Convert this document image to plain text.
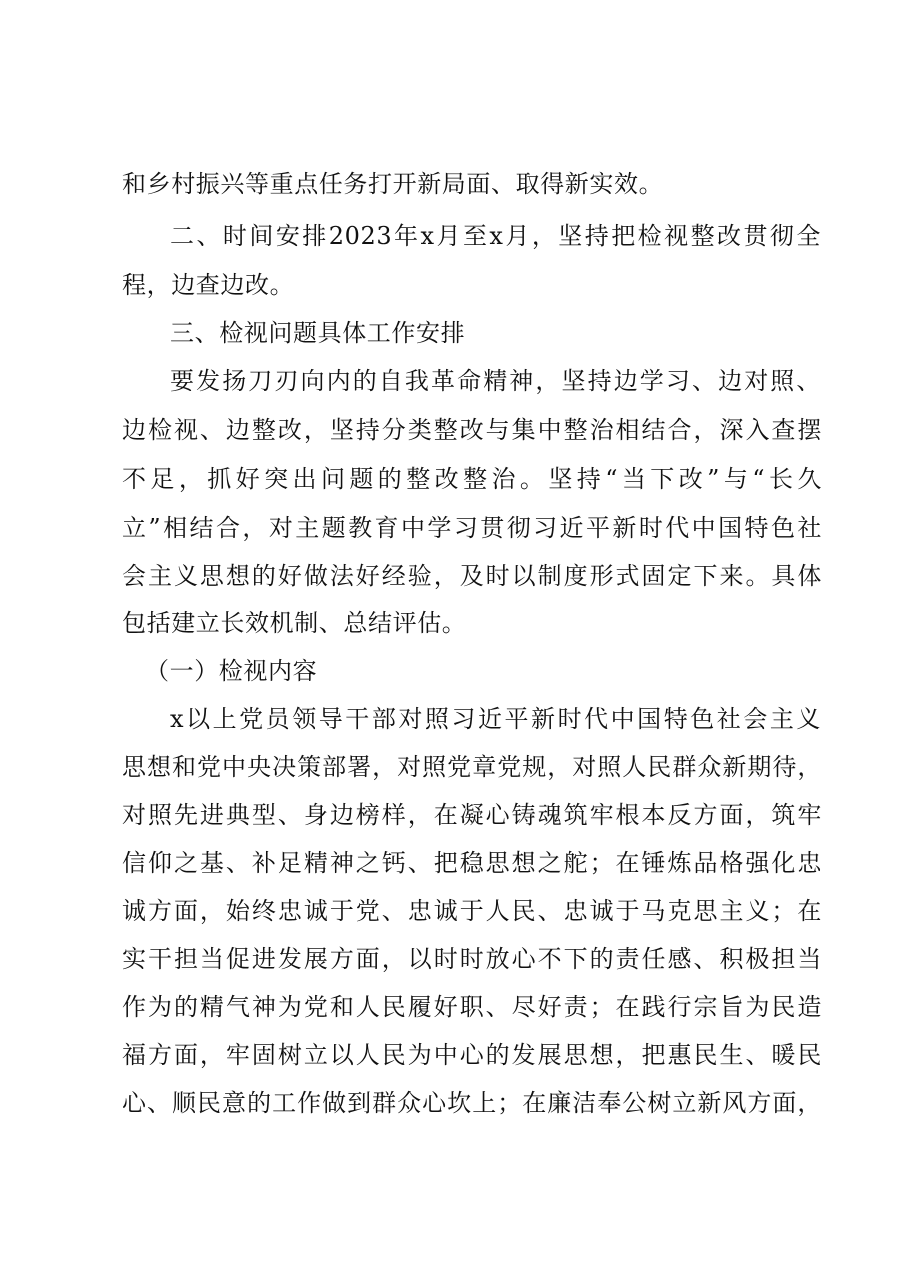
和乡村振兴等重点任务打开新局面、取得新实效。
二、时间安排2023年x月至x月，坚持把检视整改贯彻全
程，边查边改。
三、检视问题具体工作安排
要发扬刀刃向内的自我革命精神，坚持边学习、边对照、
边检视、边整改，坚持分类整改与集中整治相结合，深入查摆
不足，抓好突出问题的整改整治。坚持“当下改”与“长久
立”相结合，对主题教育中学习贯彻习近平新时代中国特色社
会主义思想的好做法好经验，及时以制度形式固定下来。具体
包括建立长效机制、总结评估。
（一）检视内容
x以上党员领导干部对照习近平新时代中国特色社会主义
思想和党中央决策部署，对照党章党规，对照人民群众新期待，
对照先进典型、身边榜样，在凝心铸魂筑牢根本反方面，筑牢
信仰之基、补足精神之钙、把稳思想之舵；在锤炼品格强化忠
诚方面，始终忠诚于党、忠诚于人民、忠诚于马克思主义；在
实干担当促进发展方面，以时时放心不下的责任感、积极担当
作为的精气神为党和人民履好职、尽好责；在践行宗旨为民造
福方面，牢固树立以人民为中心的发展思想，把惠民生、暖民
心、顺民意的工作做到群众心坎上；在廉洁奉公树立新风方面，
